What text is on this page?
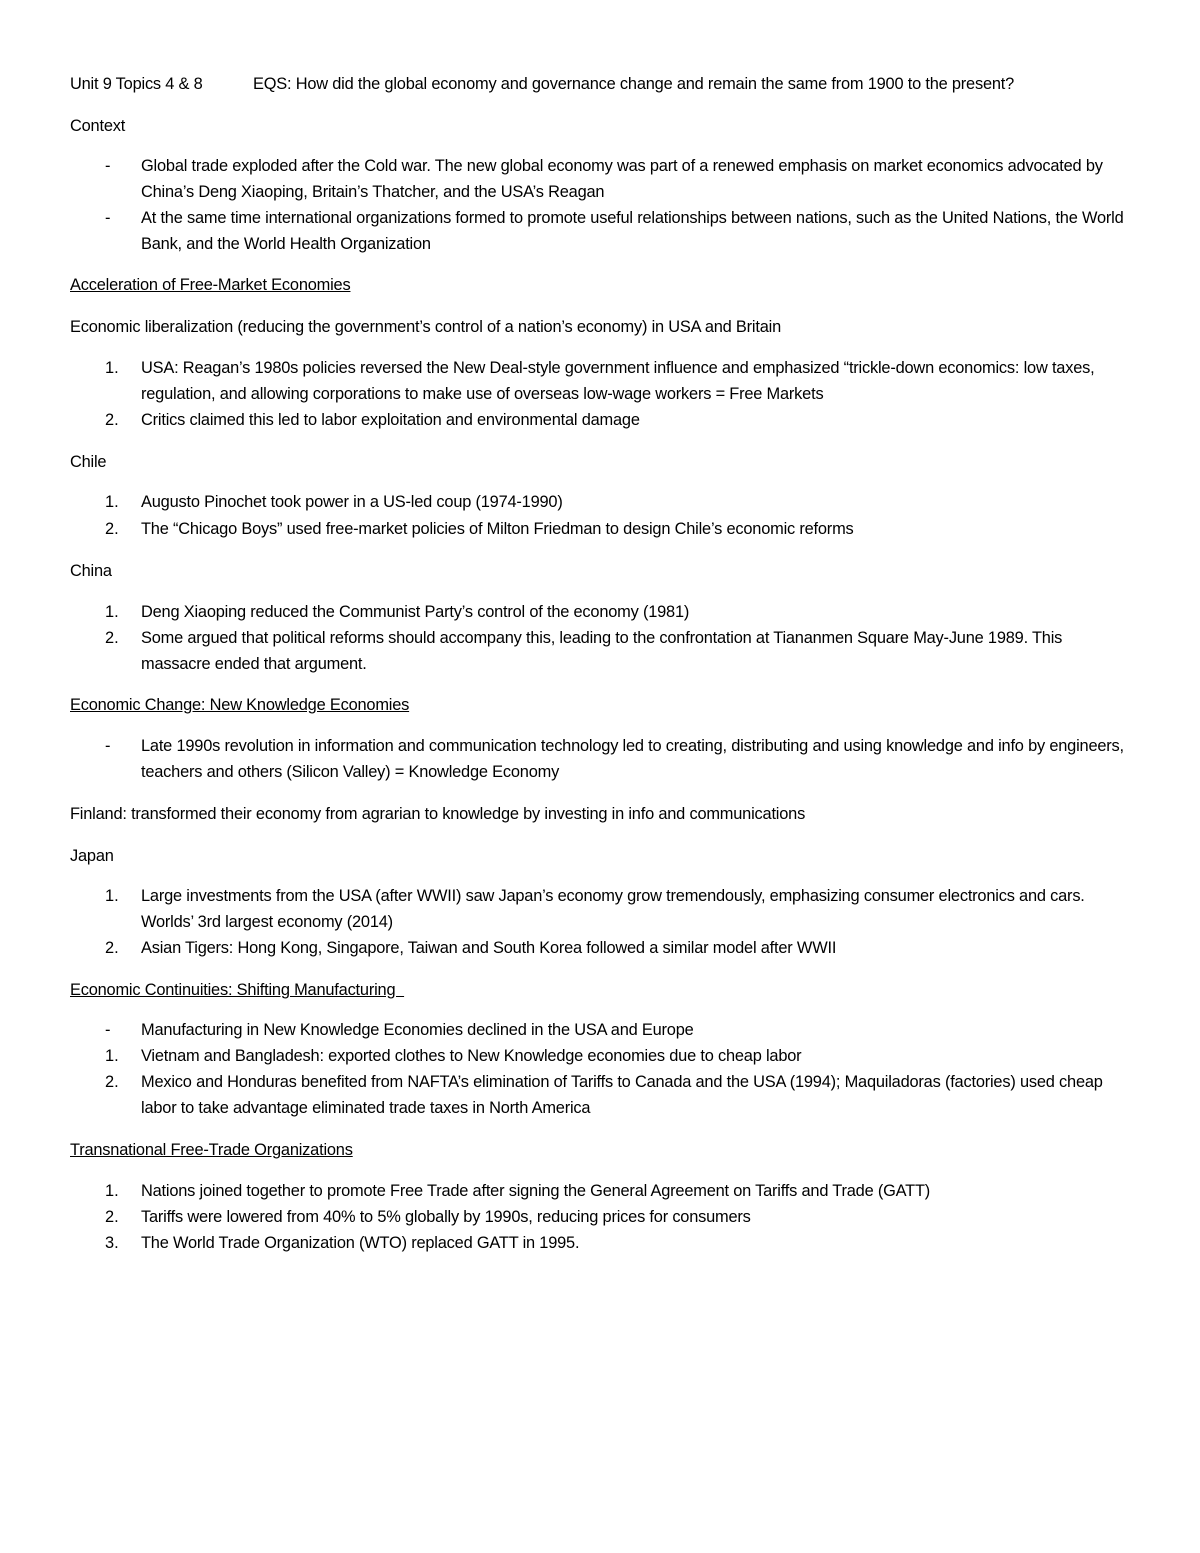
Unit 9 Topics 4 & 8	EQS: How did the global economy and governance change and remain the same from 1900 to the present?
Context
-	Global trade exploded after the Cold war. The new global economy was part of a renewed emphasis on market economics advocated by China’s Deng Xiaoping, Britain’s Thatcher, and the USA’s Reagan
-	At the same time international organizations formed to promote useful relationships between nations, such as the United Nations, the World Bank, and the World Health Organization
Acceleration of Free-Market Economies
Economic liberalization (reducing the government’s control of a nation’s economy) in USA and Britain
1.	USA: Reagan’s 1980s policies reversed the New Deal-style government influence and emphasized “trickle-down economics: low taxes, regulation, and allowing corporations to make use of overseas low-wage workers = Free Markets
2.	Critics claimed this led to labor exploitation and environmental damage
Chile
1.	Augusto Pinochet took power in a US-led coup (1974-1990)
2.	The “Chicago Boys” used free-market policies of Milton Friedman to design Chile’s economic reforms
China
1.	Deng Xiaoping reduced the Communist Party’s control of the economy (1981)
2.	Some argued that political reforms should accompany this, leading to the confrontation at Tiananmen Square May-June 1989. This massacre ended that argument.
Economic Change: New Knowledge Economies
-	Late 1990s revolution in information and communication technology led to creating, distributing and using knowledge and info by engineers, teachers and others (Silicon Valley) = Knowledge Economy
Finland: transformed their economy from agrarian to knowledge by investing in info and communications
Japan
1.	Large investments from the USA (after WWII) saw Japan’s economy grow tremendously, emphasizing consumer electronics and cars. Worlds’ 3rd largest economy (2014)
2.	Asian Tigers: Hong Kong, Singapore, Taiwan and South Korea followed a similar model after WWII
Economic Continuities: Shifting Manufacturing
-	Manufacturing in New Knowledge Economies declined in the USA and Europe
1.	Vietnam and Bangladesh: exported clothes to New Knowledge economies due to cheap labor
2.	Mexico and Honduras benefited from NAFTA’s elimination of Tariffs to Canada and the USA (1994); Maquiladoras (factories) used cheap labor to take advantage eliminated trade taxes in North America
Transnational Free-Trade Organizations
1.	Nations joined together to promote Free Trade after signing the General Agreement on Tariffs and Trade (GATT)
2.	Tariffs were lowered from 40% to 5% globally by 1990s, reducing prices for consumers
3.	The World Trade Organization (WTO) replaced GATT in 1995.
